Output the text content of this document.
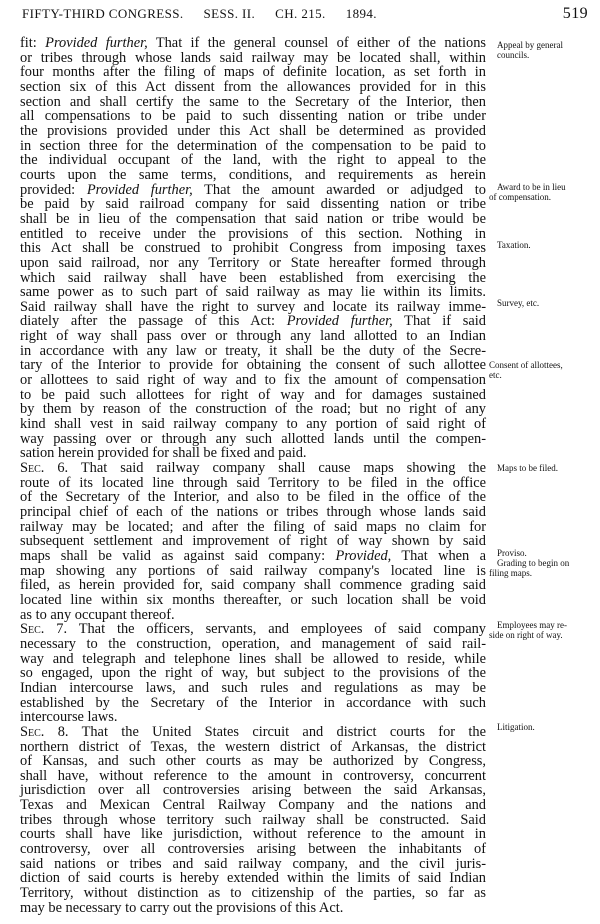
FIFTY-THIRD CONGRESS. SESS. II. CH. 215. 1894.	519

fit: Provided further, That if the general counsel of either of the nations

or tribes through whose lands said railway may be located shall, within

four months after the filing of maps of definite location, as set forth in

section six of this Act dissent from the allowances provided for in this

section and shall certify the same to the Secretary of the Interior, then

all compensations to be paid to such dissenting nation or tribe under

the provisions provided under this Act shall be determined as provided

in section three for the determination of the compensation to be paid to

the individual occupant of the land, with the right to appeal to the

courts upon the same terms, conditions, and requirements as herein

provided: Provided further, That the amount awarded or adjudged to

be paid by said railroad company for said dissenting nation or tribe

shall be in lieu of the compensation that said nation or tribe would be

entitled to receive under the provisions of this section. Nothing in

this Act shall be construed to prohibit Congress from imposing taxes

upon said railroad, nor any Territory or State hereafter formed through

which said railway shall have been established from exercising the

same power as to such part of said railway as may lie within its limits.

Said railway shall have the right to survey and locate its railway imme-

diately after the passage of this Act: Provided further, That if said

right of way shall pass over or through any land allotted to an Indian

in accordance with any law or treaty, it shall be the duty of the Secre-

tary of the Interior to provide for obtaining the consent of such allottee

or allottees to said right of way and to fix the amount of compensation

to be paid such allottees for right of way and for damages sustained

by them by reason of the construction of the road; but no right of any

kind shall vest in said railway company to any portion of said right of

way passing over or through any such allotted lands until the compen-

sation herein provided for shall be fixed and paid.

Sec. 6. That said railway company shall cause maps showing the

route of its located line through said Territory to be filed in the office

of the Secretary of the Interior, and also to be filed in the office of the

principal chief of each of the nations or tribes through whose lands said

railway may be located; and after the filing of said maps no claim for

subsequent settlement and improvement of right of way shown by said

maps shall be valid as against said company: Provided, That when a

map showing any portions of said railway company's located line is

filed, as herein provided for, said company shall commence grading said

located line within six months thereafter, or such location shall be void

as to any occupant thereof.

Sec. 7. That the officers, servants, and employees of said company

necessary to the construction, operation, and management of said rail-

way and telegraph and telephone lines shall be allowed to reside, while

so engaged, upon the right of way, but subject to the provisions of the

Indian intercourse laws, and such rules and regulations as may be

established by the Secretary of the Interior in accordance with such

intercourse laws.

Sec. 8. That the United States circuit and district courts for the

northern district of Texas, the western district of Arkansas, the district

of Kansas, and such other courts as may be authorized by Congress,

shall have, without reference to the amount in controversy, concurrent

jurisdiction over all controversies arising between the said Arkansas,

Texas and Mexican Central Railway Company and the nations and

tribes through whose territory such railway shall be constructed. Said

courts shall have like jurisdiction, without reference to the amount in

controversy, over all controversies arising between the inhabitants of

said nations or tribes and said railway company, and the civil juris-

diction of said courts is hereby extended within the limits of said Indian

Territory, without distinction as to citizenship of the parties, so far as

may be necessary to carry out the provisions of this Act.

Appeal by general
councils.
Award to be in lieu
of compensation.
Taxation.
Survey, etc.
Consent of allottees,
etc.
Maps to be filed.
Proviso.
Grading to begin on
filing maps.
Employees may re-
side on right of way.
Litigation.
